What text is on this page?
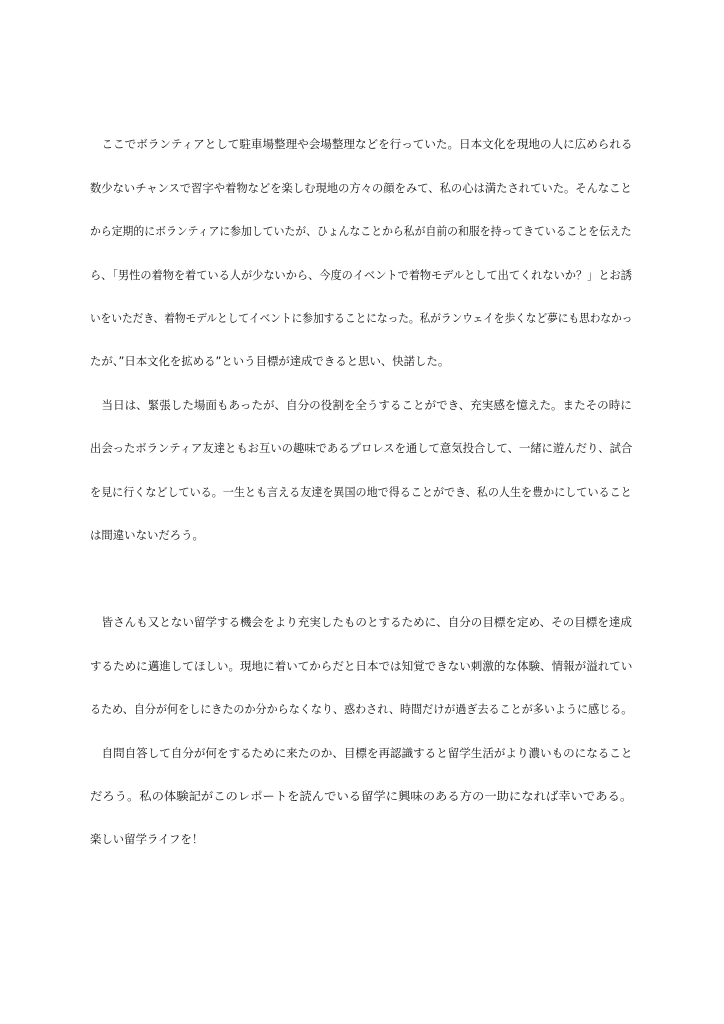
　ここでボランティアとして駐車場整理や会場整理などを行っていた。日本文化を現地の人に広められる
数少ないチャンスで習字や着物などを楽しむ現地の方々の顔をみて、私の心は満たされていた。そんなこと
から定期的にボランティアに参加していたが、ひょんなことから私が自前の和服を持ってきていることを伝えた
ら、「男性の着物を着ている人が少ないから、今度のイベントで着物モデルとして出てくれないか？」とお誘
いをいただき、着物モデルとしてイベントに参加することになった。私がランウェイを歩くなど夢にも思わなかっ
たが、”日本文化を拡める”という目標が達成できると思い、快諾した。
　当日は、緊張した場面もあったが、自分の役割を全うすることができ、充実感を憶えた。またその時に
出会ったボランティア友達ともお互いの趣味であるプロレスを通して意気投合して、一緒に遊んだり、試合
を見に行くなどしている。一生とも言える友達を異国の地で得ることができ、私の人生を豊かにしていること
は間違いないだろう。
　皆さんも又とない留学する機会をより充実したものとするために、自分の目標を定め、その目標を達成
するために邁進してほしい。現地に着いてからだと日本では知覚できない刺激的な体験、情報が溢れてい
るため、自分が何をしにきたのか分からなくなり、惑わされ、時間だけが過ぎ去ることが多いように感じる。
　自問自答して自分が何をするために来たのか、目標を再認識すると留学生活がより濃いものになること
だろう。私の体験記がこのレポートを読んでいる留学に興味のある方の一助になれば幸いである。
楽しい留学ライフを！
